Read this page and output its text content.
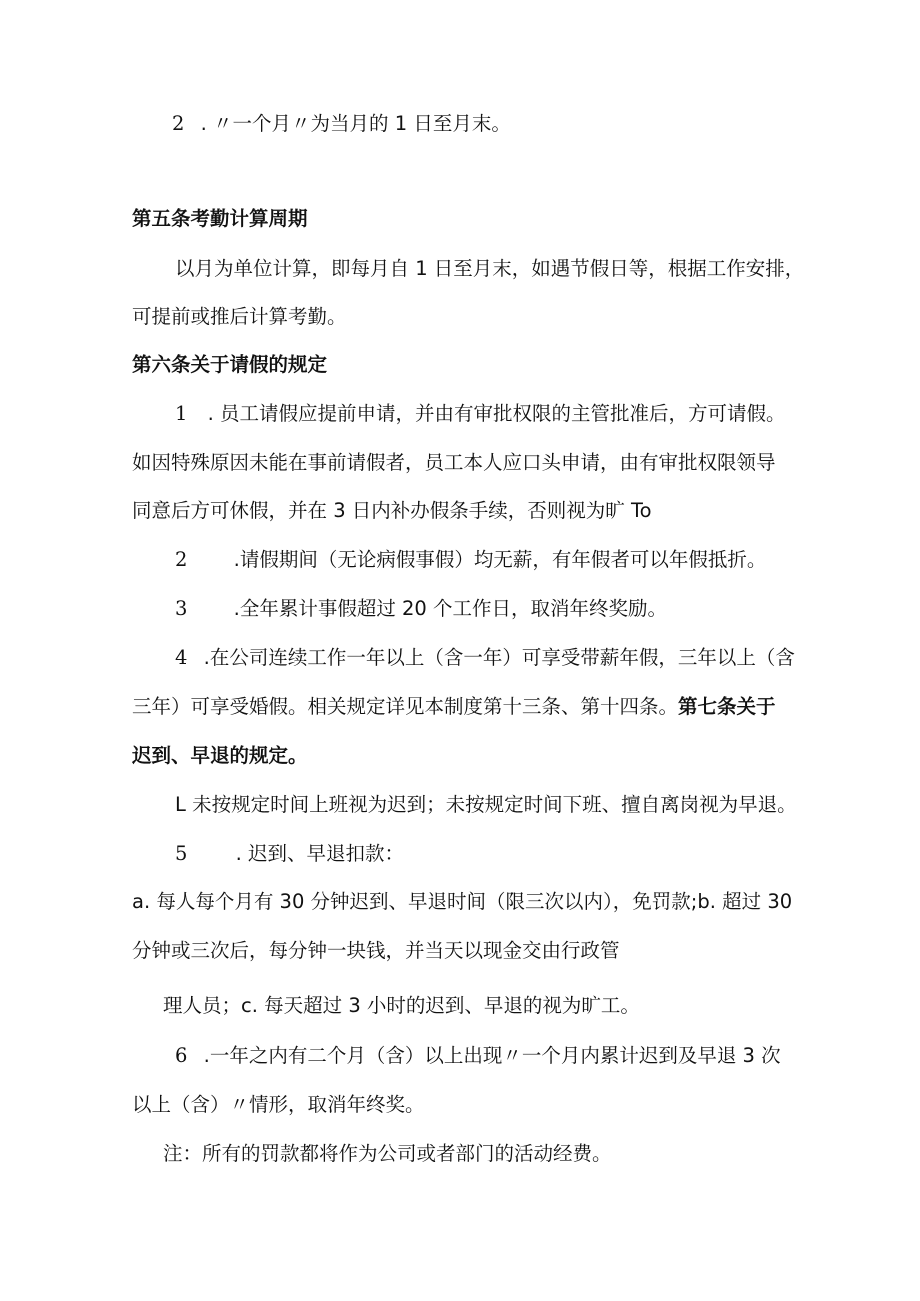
2 . 〃一个月〃为当月的 1 日至月末。
第五条考勤计算周期
以月为单位计算，即每月自 1 日至月末，如遇节假日等，根据工作安排，
可提前或推后计算考勤。
第六条关于请假的规定
1 . 员工请假应提前申请，并由有审批权限的主管批准后，方可请假。
如因特殊原因未能在事前请假者，员工本人应口头申请，由有审批权限领导
同意后方可休假，并在 3 日内补办假条手续，否则视为旷 To
2 .请假期间（无论病假事假）均无薪，有年假者可以年假抵折。
3 .全年累计事假超过 20 个工作日，取消年终奖励。
4 .在公司连续工作一年以上（含一年）可享受带薪年假，三年以上（含
三年）可享受婚假。相关规定详见本制度第十三条、第十四条。第七条关于
迟到、早退的规定。
L 未按规定时间上班视为迟到；未按规定时间下班、擅自离岗视为早退。
5 . 迟到、早退扣款：
a. 每人每个月有 30 分钟迟到、早退时间（限三次以内），免罚款;b. 超过 30
分钟或三次后，每分钟一块钱，并当天以现金交由行政管
理人员；c. 每天超过 3 小时的迟到、早退的视为旷工。
6 .一年之内有二个月（含）以上出现〃一个月内累计迟到及早退 3 次
以上（含）〃情形，取消年终奖。
注：所有的罚款都将作为公司或者部门的活动经费。
